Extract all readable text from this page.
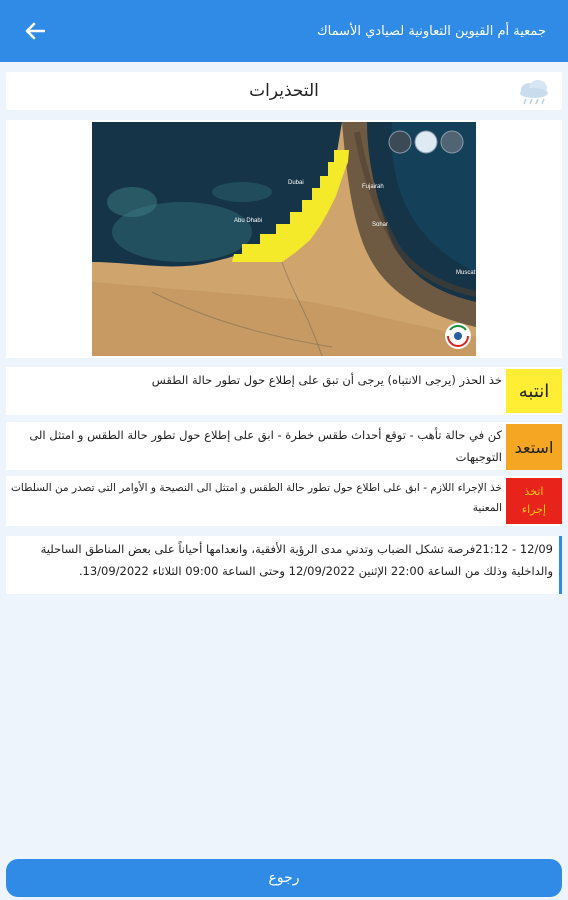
جمعية أم القيوين التعاونية لصيادي الأسماك
التحذيرات
Dubai
Abu Dhabi
Fujairah
Sohar
Muscat
خذ الحذر (يرجى الانتباه) يرجى أن تبق على إطلاع حول تطور حالة الطقس
انتبه
كن في حالة تأهب - توقع أحداث طقس خطرة - ابق على إطلاع حول تطور حالة الطقس و امتثل الى التوجيهات
استعد
خذ الإجراء اللازم - ابق على اطلاع حول تطور حالة الطقس و امتثل الى النصيحة و الأوامر التى تصدر من السلطات المعنية
اتخذ
إجراء
12/09 - 21:12فرصة تشكل الضباب وتدني مدى الرؤية الأفقية، وانعدامها أحياناً على بعض المناطق الساحلية والداخلية وذلك من الساعة 22:00 الإثنين 12/09/2022 وحتى الساعة 09:00 الثلاثاء 13/09/2022.
رجوع
